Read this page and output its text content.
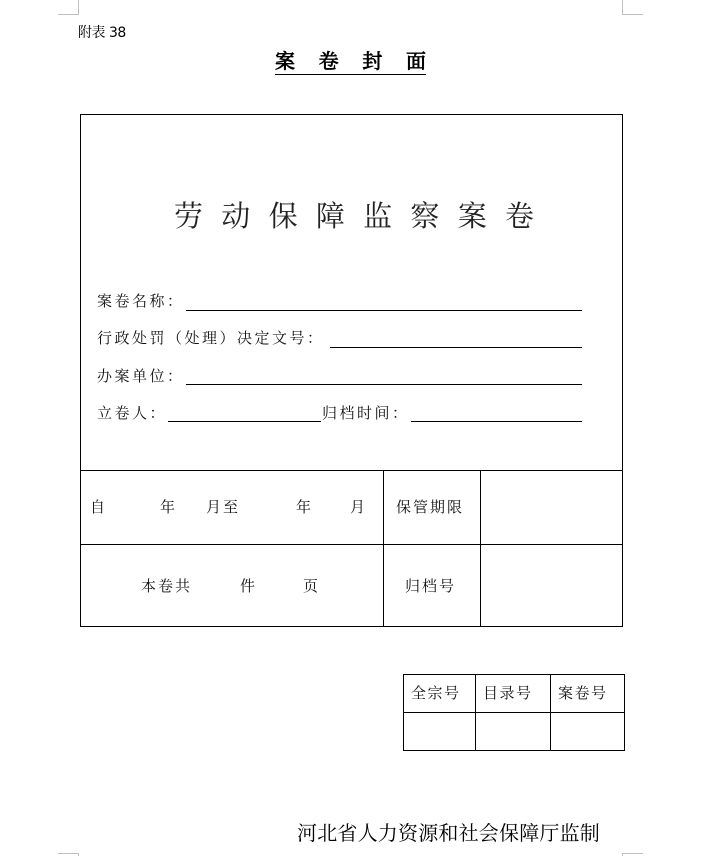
附表 38
案 卷 封 面
劳 动 保 障 监 察 案 卷
案卷名称：
行政处罚（处理）决定文号：
办案单位：
立卷人：	归档时间：
自	年 月至	年 月 保管期限
本卷共	件	页	归档号
全宗号 目录号 案卷号
河北省人力资源和社会保障厅监制
